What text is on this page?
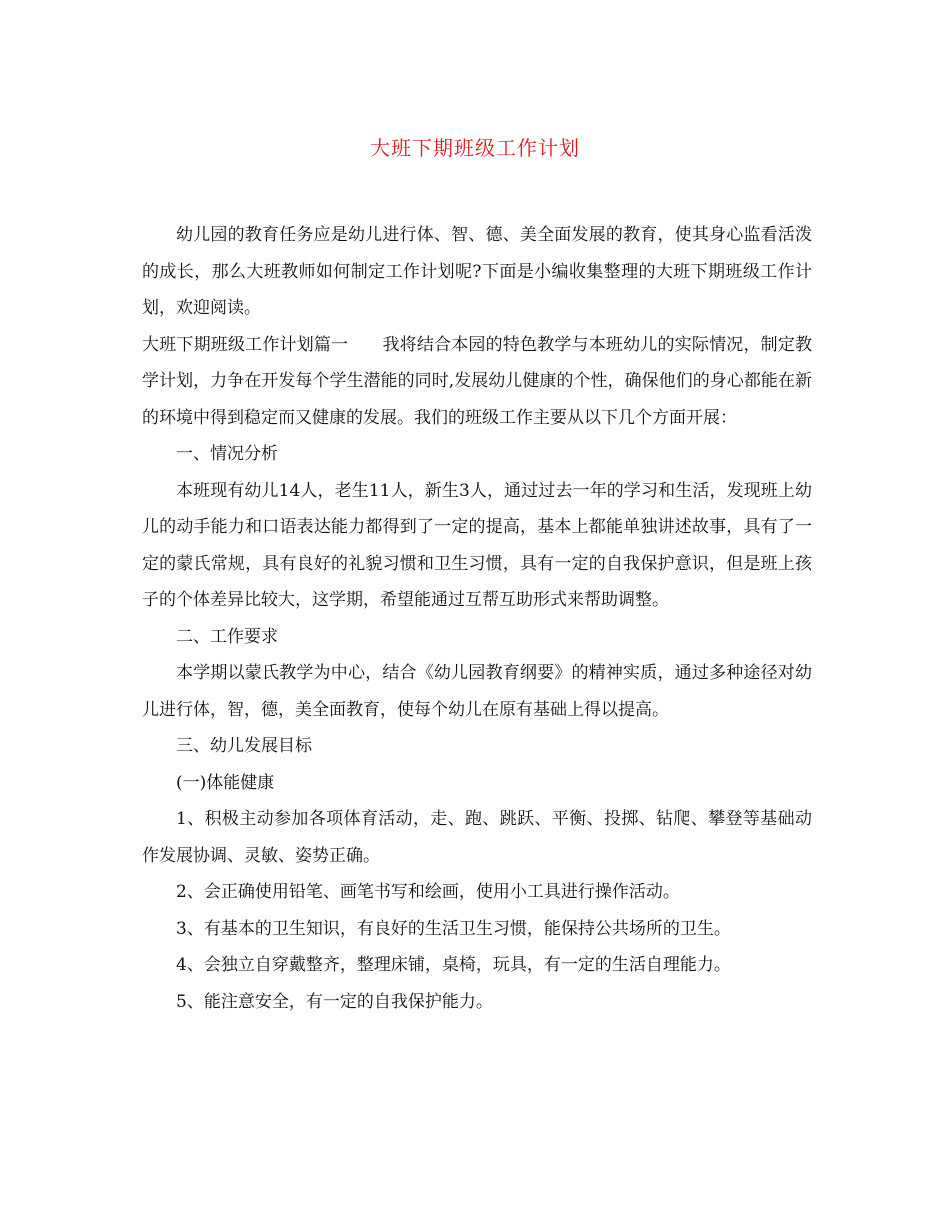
大班下期班级工作计划

幼儿园的教育任务应是幼儿进行体、智、德、美全面发展的教育，使其身心监看活泼的成长，那么大班教师如何制定工作计划呢?下面是小编收集整理的大班下期班级工作计划，欢迎阅读。

大班下期班级工作计划篇一 我将结合本园的特色教学与本班幼儿的实际情况，制定教学计划，力争在开发每个学生潜能的同时,发展幼儿健康的个性，确保他们的身心都能在新的环境中得到稳定而又健康的发展。我们的班级工作主要从以下几个方面开展：

一、情况分析

本班现有幼儿14人，老生11人，新生3人，通过过去一年的学习和生活，发现班上幼儿的动手能力和口语表达能力都得到了一定的提高，基本上都能单独讲述故事，具有了一定的蒙氏常规，具有良好的礼貌习惯和卫生习惯，具有一定的自我保护意识，但是班上孩子的个体差异比较大，这学期，希望能通过互帮互助形式来帮助调整。

二、工作要求

本学期以蒙氏教学为中心，结合《幼儿园教育纲要》的精神实质，通过多种途径对幼儿进行体，智，德，美全面教育，使每个幼儿在原有基础上得以提高。

三、幼儿发展目标

(一)体能健康

1、积极主动参加各项体育活动，走、跑、跳跃、平衡、投掷、钻爬、攀登等基础动作发展协调、灵敏、姿势正确。

2、会正确使用铅笔、画笔书写和绘画，使用小工具进行操作活动。

3、有基本的卫生知识，有良好的生活卫生习惯，能保持公共场所的卫生。

4、会独立自穿戴整齐，整理床铺，桌椅，玩具，有一定的生活自理能力。

5、能注意安全，有一定的自我保护能力。
